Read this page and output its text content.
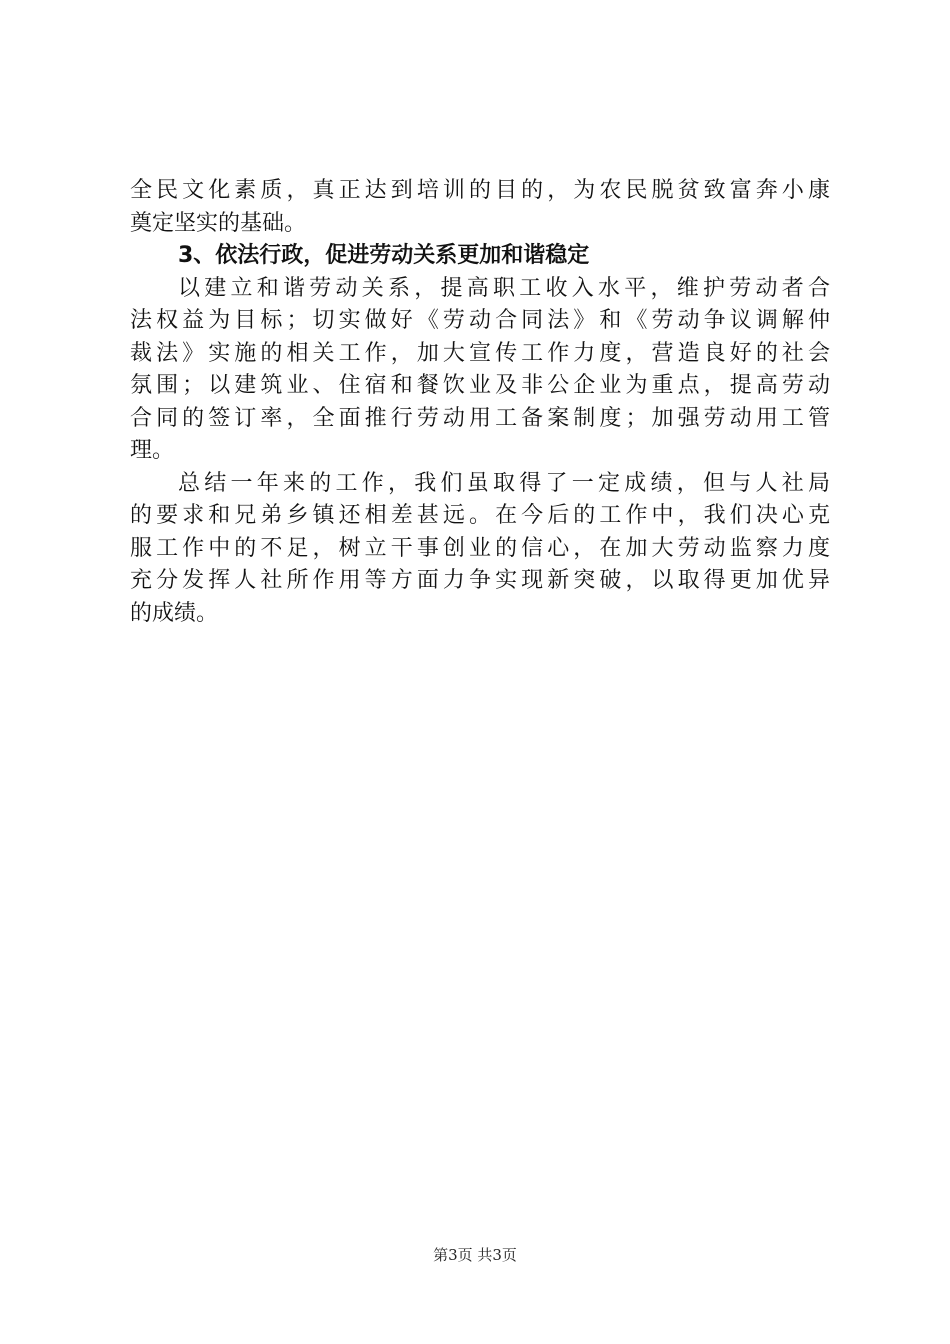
全民文化素质，真正达到培训的目的，为农民脱贫致富奔小康
奠定坚实的基础。
3、依法行政，促进劳动关系更加和谐稳定
以建立和谐劳动关系，提高职工收入水平，维护劳动者合
法权益为目标；切实做好《劳动合同法》和《劳动争议调解仲
裁法》实施的相关工作，加大宣传工作力度，营造良好的社会
氛围；以建筑业、住宿和餐饮业及非公企业为重点，提高劳动
合同的签订率，全面推行劳动用工备案制度；加强劳动用工管
理。
总结一年来的工作，我们虽取得了一定成绩，但与人社局
的要求和兄弟乡镇还相差甚远。在今后的工作中，我们决心克
服工作中的不足，树立干事创业的信心，在加大劳动监察力度
充分发挥人社所作用等方面力争实现新突破，以取得更加优异
的成绩。
第3页 共3页
